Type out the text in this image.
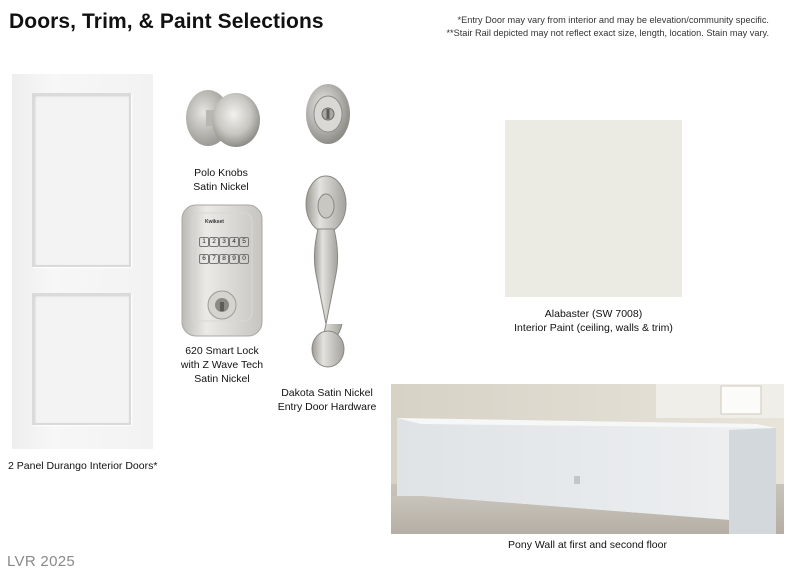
Doors, Trim, & Paint Selections	*Entry Door may vary from interior and may be elevation/community specific.
**Stair Rail depicted may not reflect exact size, length, location. Stain may vary.
2 Panel Durango Interior Doors*
Polo Knobs
Satin Nickel
Kwikset
1 2 3 4 5
6 7 8 9 0
620 Smart Lock
with Z Wave Tech
Satin Nickel
Dakota Satin Nickel
Entry Door Hardware
Alabaster (SW 7008)
Interior Paint (ceiling, walls & trim)
Pony Wall at first and second floor
LVR 2025
